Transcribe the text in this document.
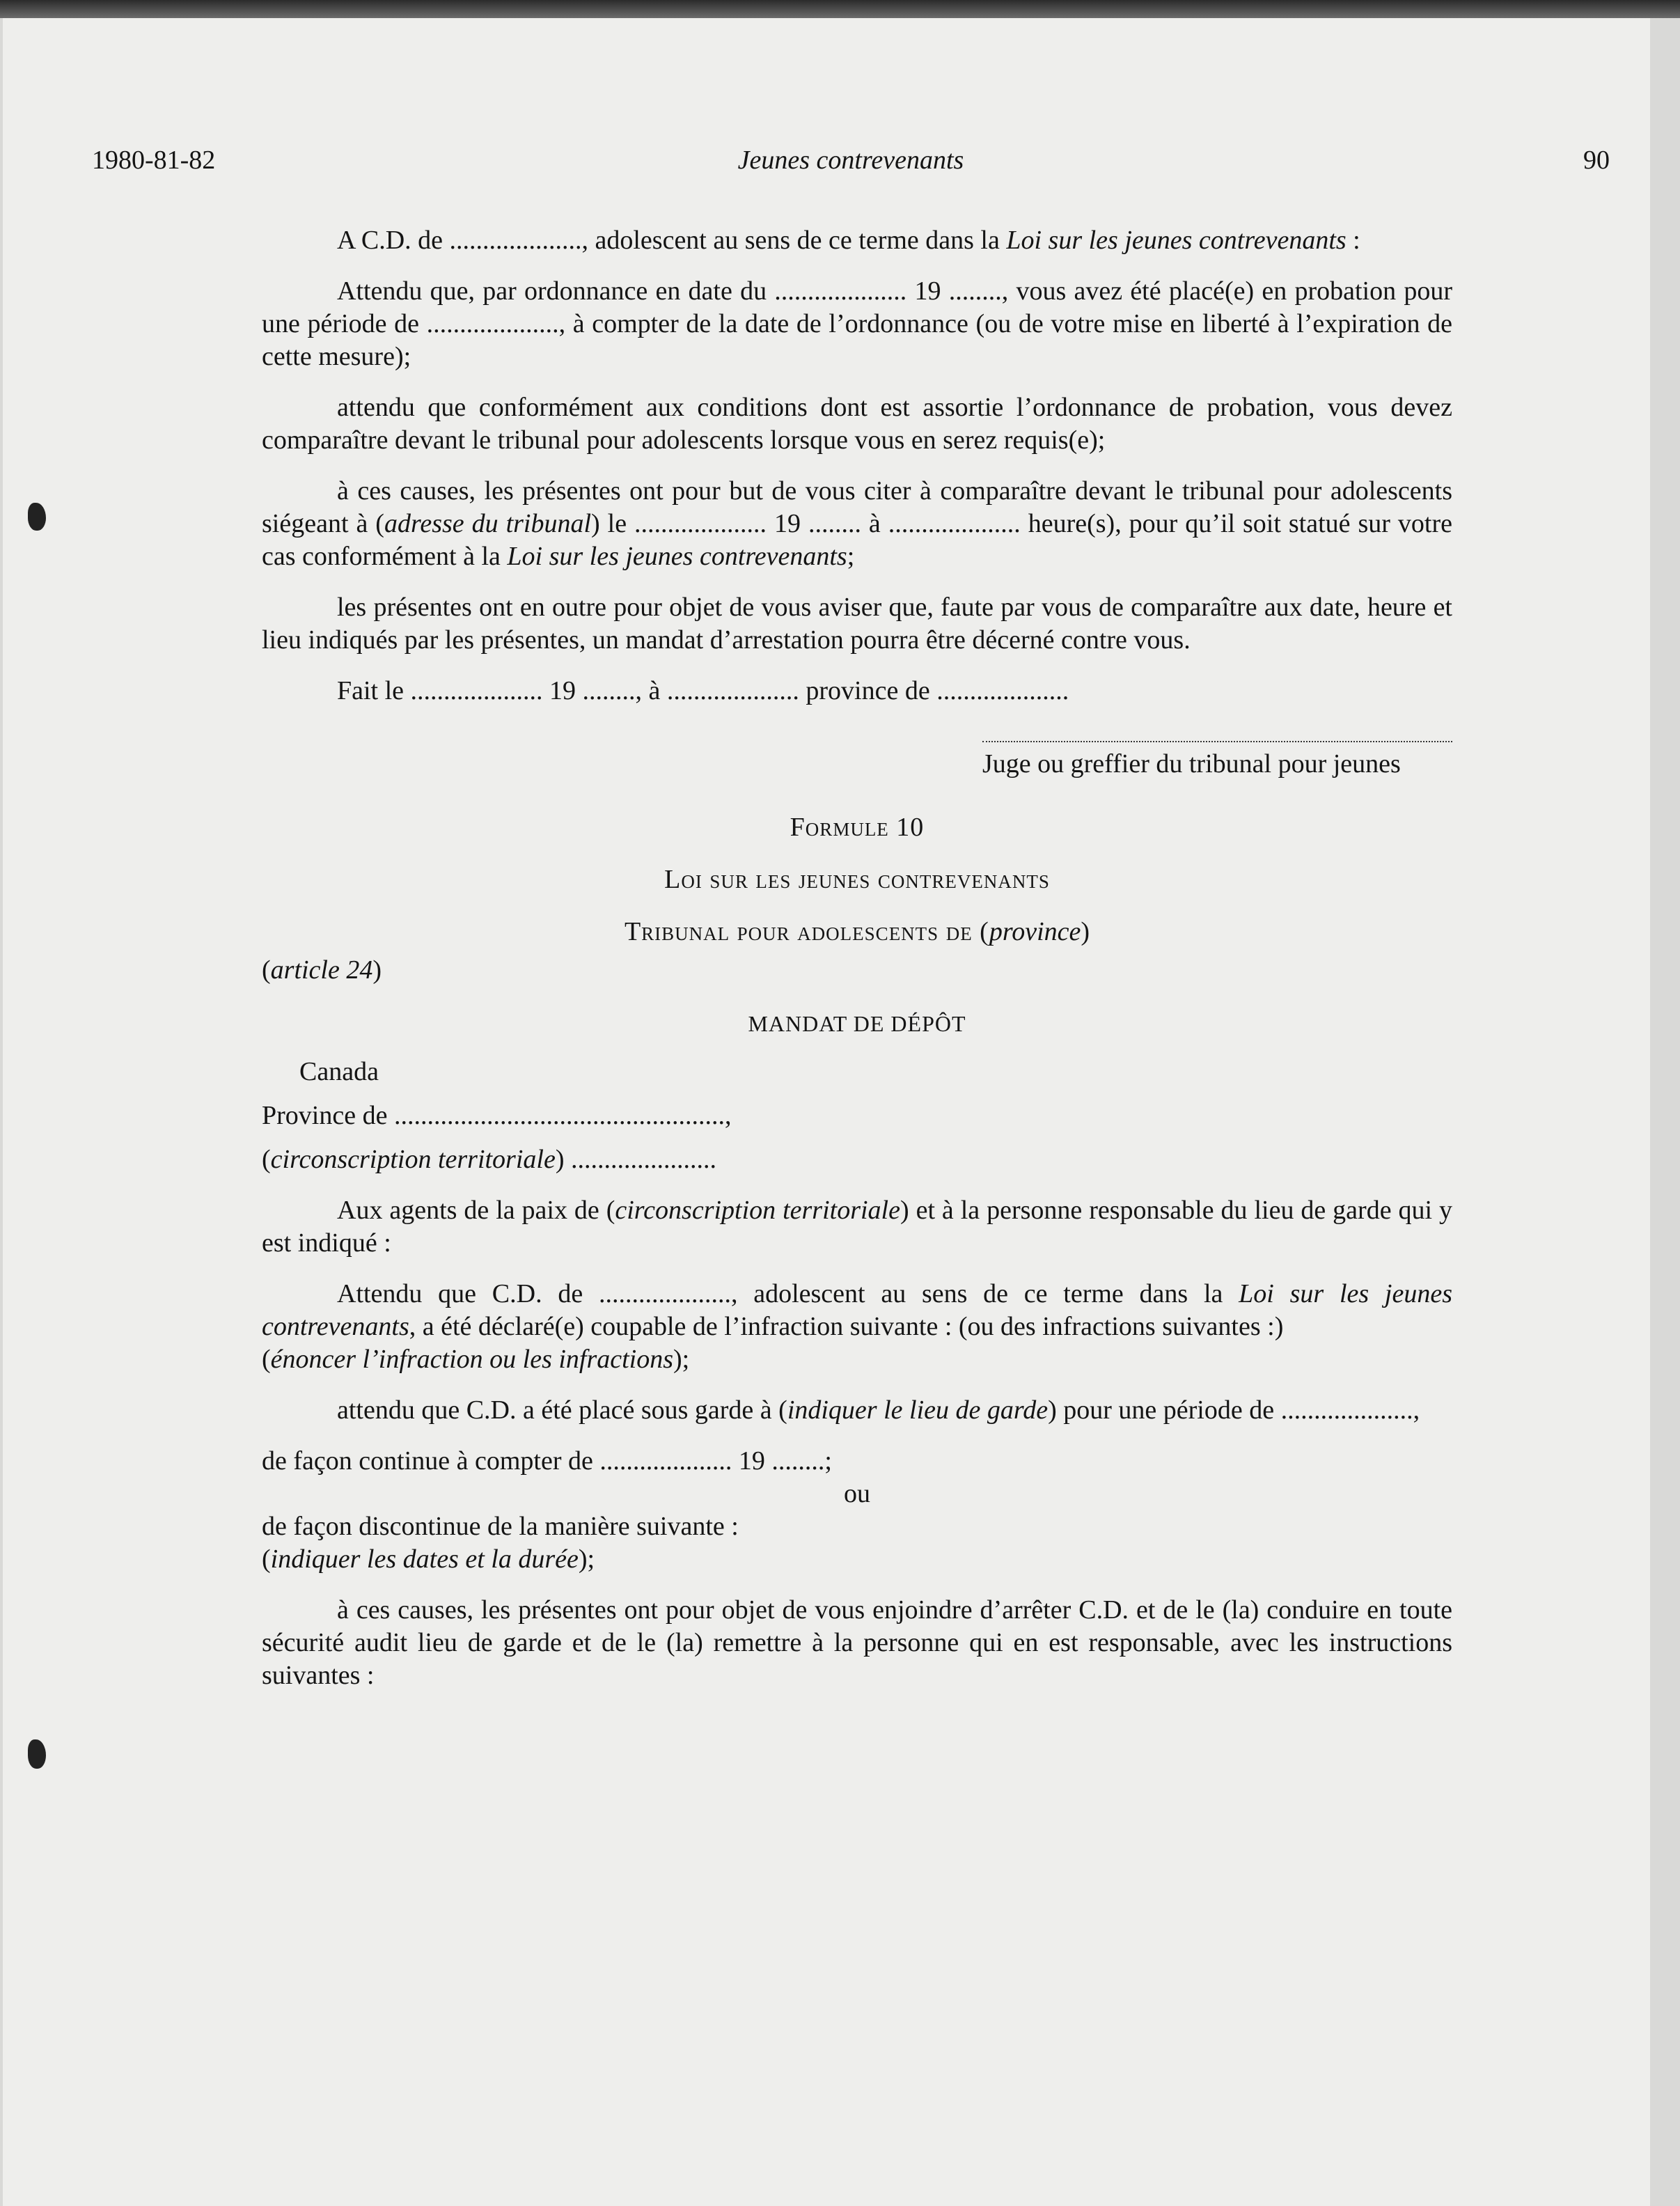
1980-81-82	Jeunes contrevenants	90

A C.D. de ...................., adolescent au sens de ce terme dans la Loi sur les jeunes contrevenants :

Attendu que, par ordonnance en date du .................... 19 ........, vous avez été placé(e) en probation pour une période de ...................., à compter de la date de l’ordonnance (ou de votre mise en liberté à l’expiration de cette mesure);

attendu que conformément aux conditions dont est assortie l’ordonnance de probation, vous devez comparaître devant le tribunal pour adolescents lorsque vous en serez requis(e);

à ces causes, les présentes ont pour but de vous citer à comparaître devant le tribunal pour adolescents siégeant à (adresse du tribunal) le .................... 19 ........ à .................... heure(s), pour qu’il soit statué sur votre cas conformément à la Loi sur les jeunes contrevenants;

les présentes ont en outre pour objet de vous aviser que, faute par vous de comparaître aux date, heure et lieu indiqués par les présentes, un mandat d’arrestation pourra être décerné contre vous.

Fait le .................... 19 ........, à .................... province de ....................

Juge ou greffier du tribunal pour jeunes

Formule 10

Loi sur les jeunes contrevenants

Tribunal pour adolescents de (province)

(article 24)

MANDAT DE DÉPÔT

Canada

Province de ..................................................,

(circonscription territoriale) ......................

Aux agents de la paix de (circonscription territoriale) et à la personne responsable du lieu de garde qui y est indiqué :

Attendu que C.D. de ...................., adolescent au sens de ce terme dans la Loi sur les jeunes contrevenants, a été déclaré(e) coupable de l’infraction suivante : (ou des infractions suivantes :)

(énoncer l’infraction ou les infractions);

attendu que C.D. a été placé sous garde à (indiquer le lieu de garde) pour une période de ....................,

de façon continue à compter de .................... 19 ........;

ou

de façon discontinue de la manière suivante :

(indiquer les dates et la durée);

à ces causes, les présentes ont pour objet de vous enjoindre d’arrêter C.D. et de le (la) conduire en toute sécurité audit lieu de garde et de le (la) remettre à la personne qui en est responsable, avec les instructions suivantes :
